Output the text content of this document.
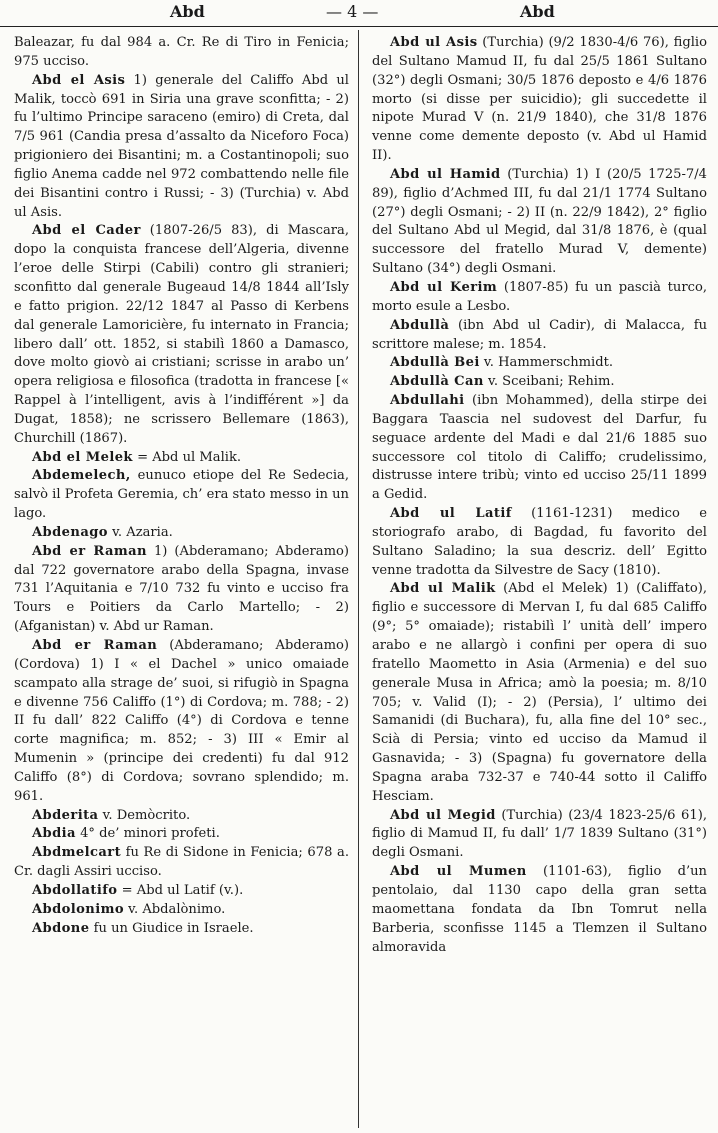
Abd	— 4 —	Abd

Baleazar, fu dal 984 a. Cr. Re di Tiro in Fenicia; 975 ucciso.

Abd el Asis 1) generale del Califfo Abd ul Malik, toccò 691 in Siria una grave sconfitta; - 2) fu l’ultimo Principe saraceno (emiro) di Creta, dal 7/5 961 (Candia presa d’assalto da Niceforo Foca) prigioniero dei Bisantini; m. a Costantinopoli; suo figlio Anema cadde nel 972 combattendo nelle file dei Bisantini contro i Russi; - 3) (Turchia) v. Abd ul Asis.

Abd el Cader (1807-26/5 83), di Mascara, dopo la conquista francese dell’Algeria, divenne l’eroe delle Stirpi (Cabili) contro gli stranieri; sconfitto dal generale Bugeaud 14/8 1844 all’Isly e fatto prigion. 22/12 1847 al Passo di Kerbens dal generale Lamoricière, fu internato in Francia; libero dall’ ott. 1852, si stabilì 1860 a Damasco, dove molto giovò ai cristiani; scrisse in arabo un’ opera religiosa e filosofica (tradotta in francese [« Rappel à l’intelligent, avis à l’indifférent »] da Dugat, 1858); ne scrissero Bellemare (1863), Churchill (1867).

Abd el Melek = Abd ul Malik.

Abdemelech, eunuco etiope del Re Sedecia, salvò il Profeta Geremia, ch’ era stato messo in un lago.

Abdenago v. Azaria.

Abd er Raman 1) (Abderamano; Abderamo) dal 722 governatore arabo della Spagna, invase 731 l’Aquitania e 7/10 732 fu vinto e ucciso fra Tours e Poitiers da Carlo Martello; - 2) (Afganistan) v. Abd ur Raman.

Abd er Raman (Abderamano; Abderamo) (Cordova) 1) I « el Dachel » unico omaiade scampato alla strage de’ suoi, si rifugiò in Spagna e divenne 756 Califfo (1°) di Cordova; m. 788; - 2) II fu dall’ 822 Califfo (4°) di Cordova e tenne corte magnifica; m. 852; - 3) III « Emir al Mumenin » (principe dei credenti) fu dal 912 Califfo (8°) di Cordova; sovrano splendido; m. 961.

Abderita v. Demòcrito.

Abdia 4° de’ minori profeti.

Abdmelcart fu Re di Sidone in Fenicia; 678 a. Cr. dagli Assiri ucciso.

Abdollatifo = Abd ul Latif (v.).

Abdolonimo v. Abdalònimo.

Abdone fu un Giudice in Israele.

Abd ul Asis (Turchia) (9/2 1830-4/6 76), figlio del Sultano Mamud II, fu dal 25/5 1861 Sultano (32°) degli Osmani; 30/5 1876 deposto e 4/6 1876 morto (si disse per suicidio); gli succedette il nipote Murad V (n. 21/9 1840), che 31/8 1876 venne come demente deposto (v. Abd ul Hamid II).

Abd ul Hamid (Turchia) 1) I (20/5 1725-7/4 89), figlio d’Achmed III, fu dal 21/1 1774 Sultano (27°) degli Osmani; - 2) II (n. 22/9 1842), 2° figlio del Sultano Abd ul Megid, dal 31/8 1876, è (qual successore del fratello Murad V, demente) Sultano (34°) degli Osmani.

Abd ul Kerim (1807-85) fu un pascià turco, morto esule a Lesbo.

Abdullà (ibn Abd ul Cadir), di Malacca, fu scrittore malese; m. 1854.

Abdullà Bei v. Hammerschmidt.

Abdullà Can v. Sceibani; Rehim.

Abdullahi (ibn Mohammed), della stirpe dei Baggara Taascia nel sudovest del Darfur, fu seguace ardente del Madi e dal 21/6 1885 suo successore col titolo di Califfo; crudelissimo, distrusse intere tribù; vinto ed ucciso 25/11 1899 a Gedid.

Abd ul Latif (1161-1231) medico e storiografo arabo, di Bagdad, fu favorito del Sultano Saladino; la sua descriz. dell’ Egitto venne tradotta da Silvestre de Sacy (1810).

Abd ul Malik (Abd el Melek) 1) (Califfato), figlio e successore di Mervan I, fu dal 685 Califfo (9°; 5° omaiade); ristabilì l’ unità dell’ impero arabo e ne allargò i confini per opera di suo fratello Maometto in Asia (Armenia) e del suo generale Musa in Africa; amò la poesia; m. 8/10 705; v. Valid (I); - 2) (Persia), l’ ultimo dei Samanidi (di Buchara), fu, alla fine del 10° sec., Scià di Persia; vinto ed ucciso da Mamud il Gasnavida; - 3) (Spagna) fu governatore della Spagna araba 732-37 e 740-44 sotto il Califfo Hesciam.

Abd ul Megid (Turchia) (23/4 1823-25/6 61), figlio di Mamud II, fu dall’ 1/7 1839 Sultano (31°) degli Osmani.

Abd ul Mumen (1101-63), figlio d’un pentolaio, dal 1130 capo della gran setta maomettana fondata da Ibn Tomrut nella Barberia, sconfisse 1145 a Tlemzen il Sultano almoravida
